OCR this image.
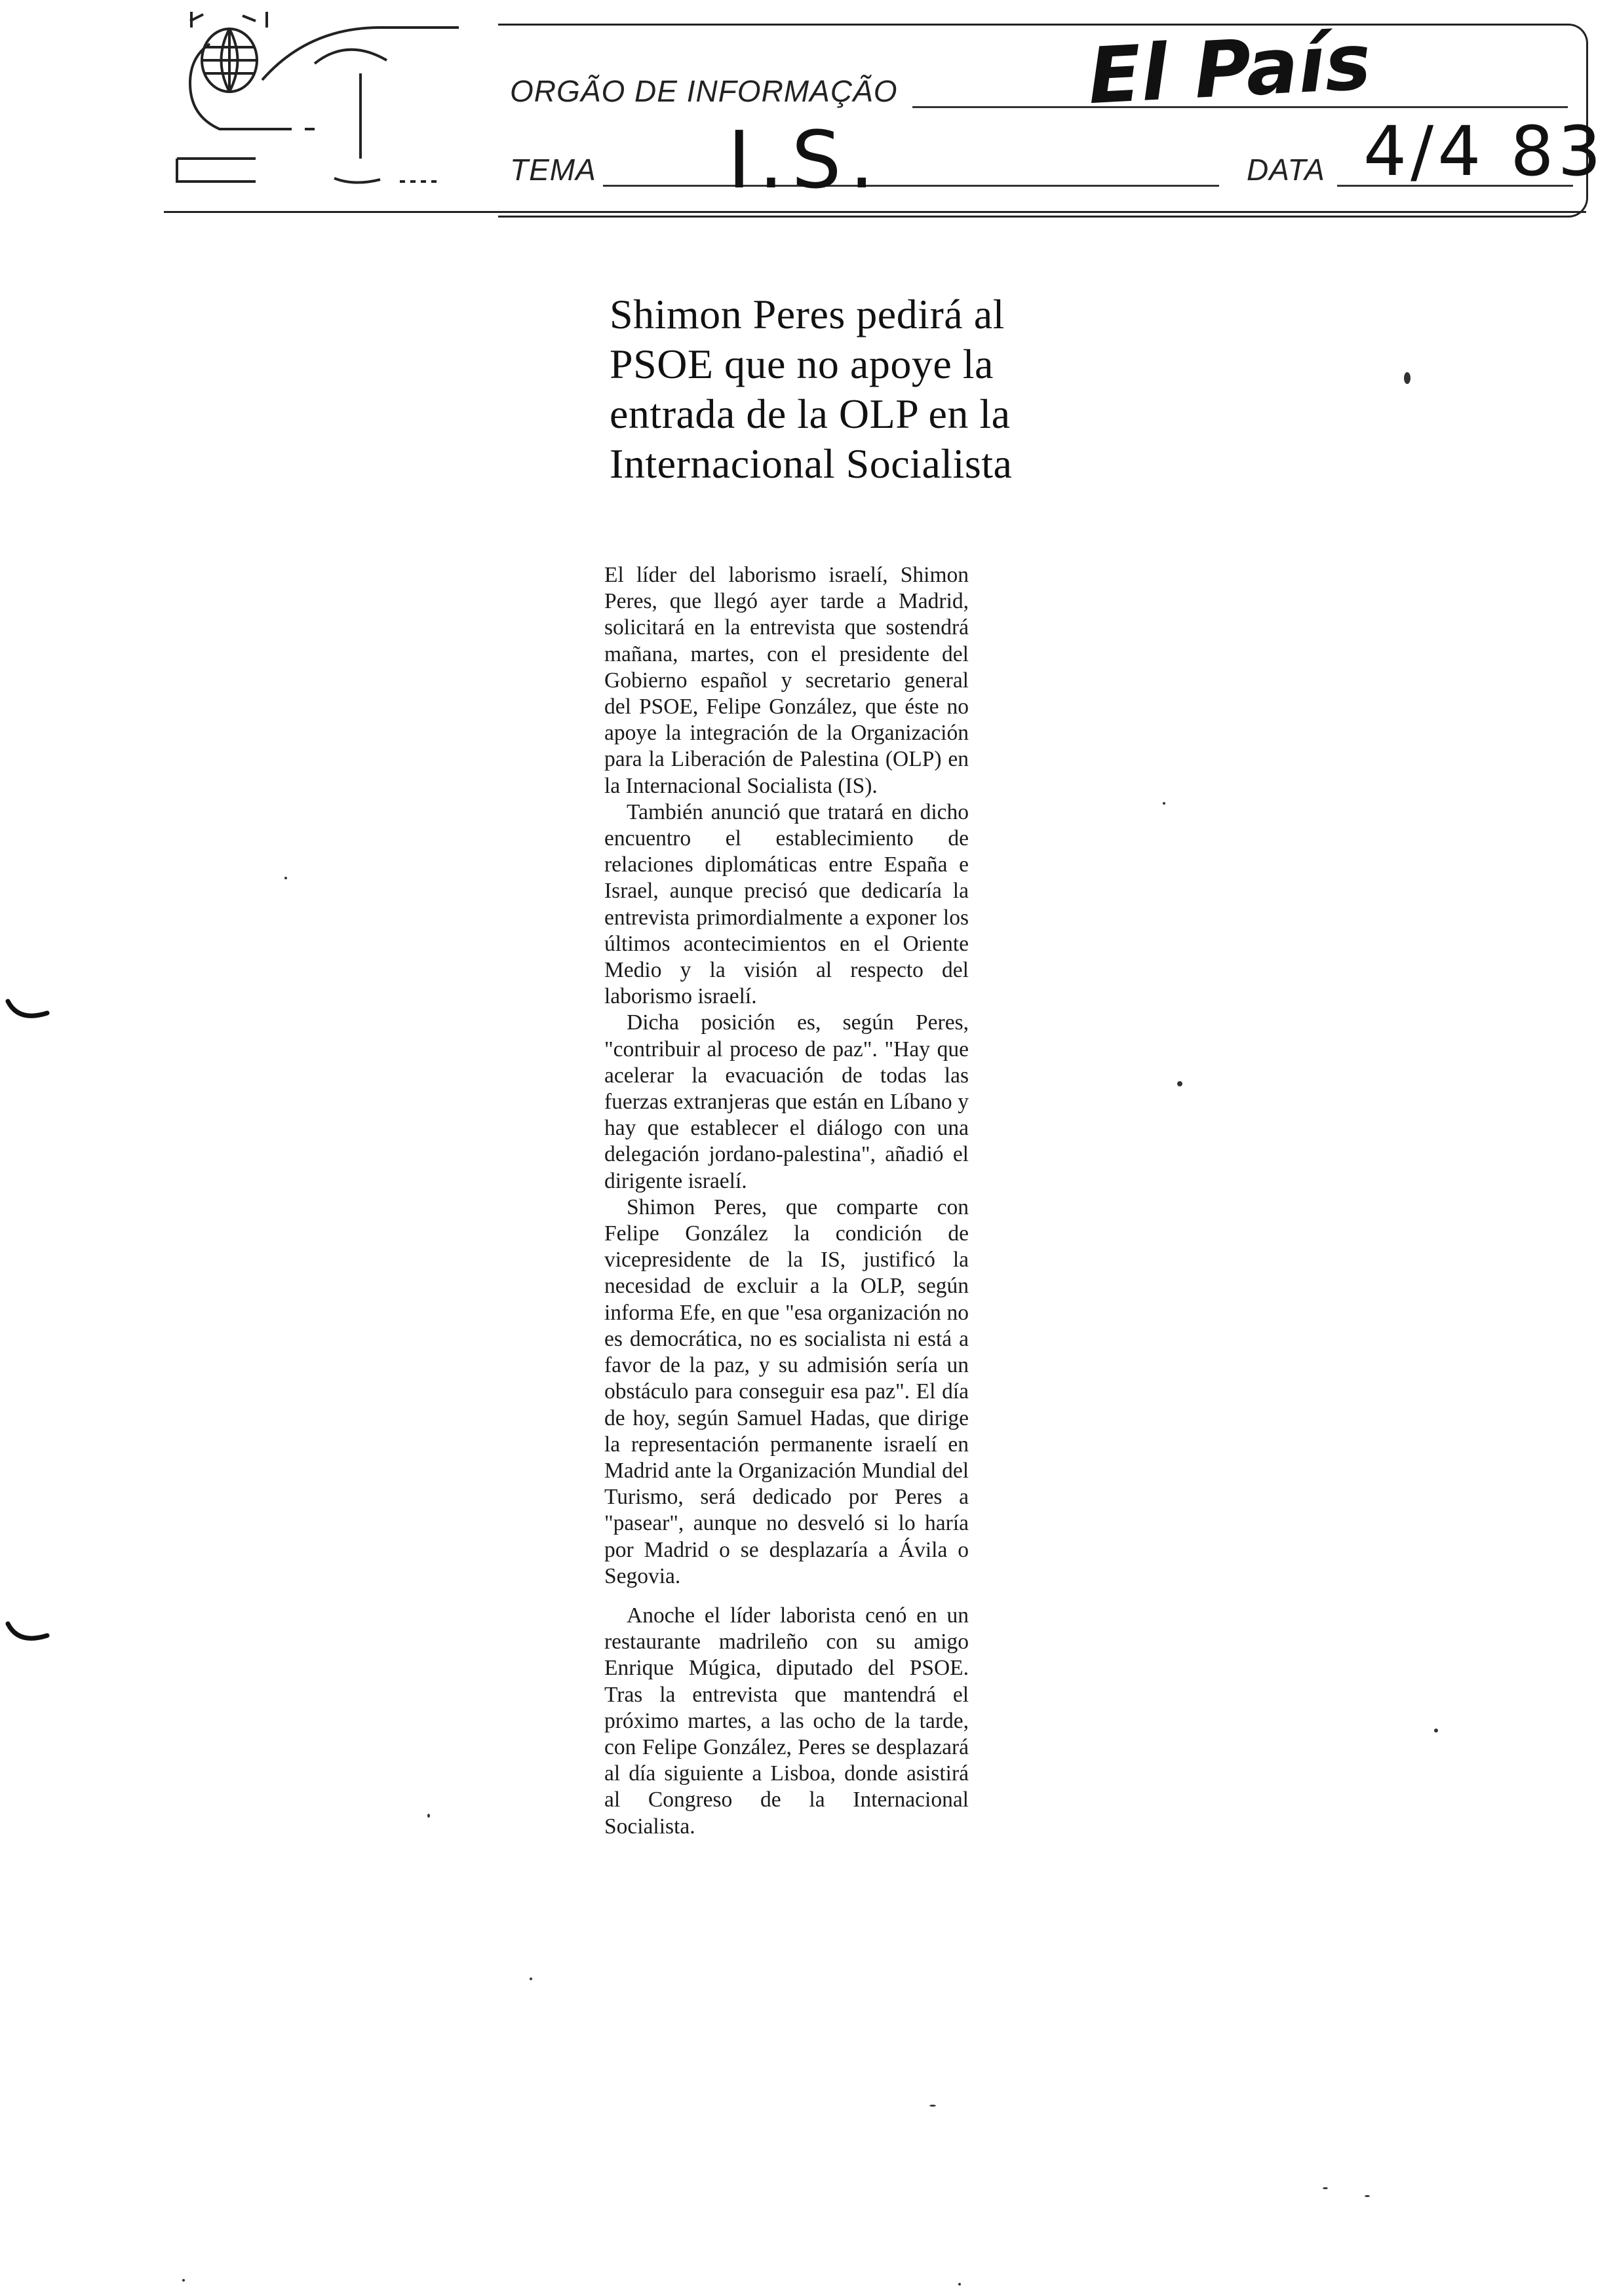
ORGÃO DE INFORMAÇÃO El País
TEMA I.S.	DATA 4/4 83
Shimon Peres pedirá al PSOE que no apoye la entrada de la OLP en la Internacional Socialista

El líder del laborismo israelí, Shimon Peres, que llegó ayer tarde a Madrid, solicitará en la entrevista que sostendrá mañana, martes, con el presidente del Gobierno español y secretario general del PSOE, Felipe González, que éste no apoye la integración de la Organización para la Liberación de Palestina (OLP) en la Internacional Socialista (IS).

También anunció que tratará en dicho encuentro el establecimiento de relaciones diplomáticas entre España e Israel, aunque precisó que dedicaría la entrevista primordialmente a exponer los últimos acontecimientos en el Oriente Medio y la visión al respecto del laborismo israelí.

Dicha posición es, según Peres, "contribuir al proceso de paz". "Hay que acelerar la evacuación de todas las fuerzas extranjeras que están en Líbano y hay que establecer el diálogo con una delegación jordano-palestina", añadió el dirigente israelí.

Shimon Peres, que comparte con Felipe González la condición de vicepresidente de la IS, justificó la necesidad de excluir a la OLP, según informa Efe, en que "esa organización no es democrática, no es socialista ni está a favor de la paz, y su admisión sería un obstáculo para conseguir esa paz". El día de hoy, según Samuel Hadas, que dirige la representación permanente israelí en Madrid ante la Organización Mundial del Turismo, será dedicado por Peres a "pasear", aunque no desveló si lo haría por Madrid o se desplazaría a Ávila o Segovia.

Anoche el líder laborista cenó en un restaurante madrileño con su amigo Enrique Múgica, diputado del PSOE. Tras la entrevista que mantendrá el próximo martes, a las ocho de la tarde, con Felipe González, Peres se desplazará al día siguiente a Lisboa, donde asistirá al Congreso de la Internacional Socialista.
